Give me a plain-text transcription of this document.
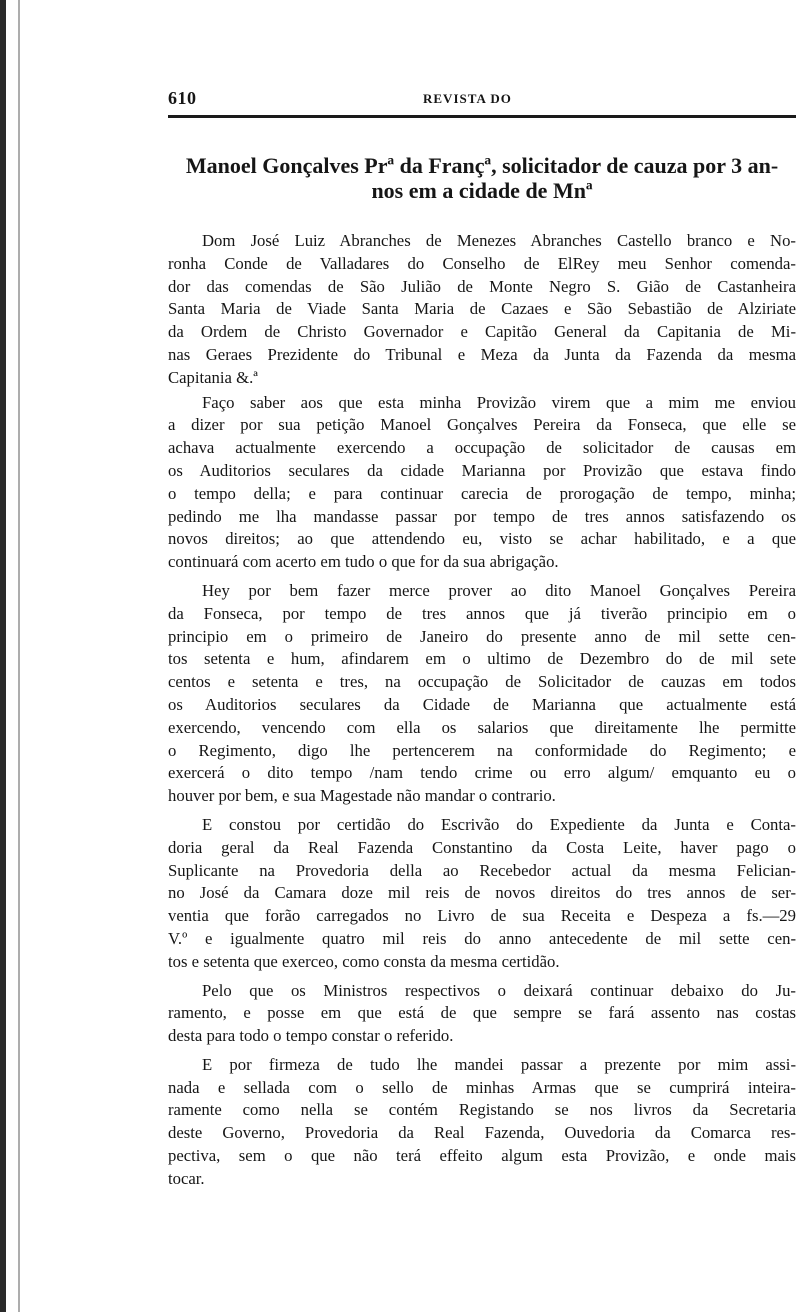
610	REVISTA DO
Manoel Gonçalves Prª da Françª, solicitador de cauza por 3 an-
nos em a cidade de Mnª
Dom José Luiz Abranches de Menezes Abranches Castello branco e No-
ronha Conde de Valladares do Conselho de ElRey meu Senhor comenda-
dor das comendas de São Julião de Monte Negro S. Gião de Castanheira
Santa Maria de Viade Santa Maria de Cazaes e São Sebastião de Alziriate
da Ordem de Christo Governador e Capitão General da Capitania de Mi-
nas Geraes Prezidente do Tribunal e Meza da Junta da Fazenda da mesma
Capitania &.ª
Faço saber aos que esta minha Provizão virem que a mim me enviou
a dizer por sua petição Manoel Gonçalves Pereira da Fonseca, que elle se
achava actualmente exercendo a occupação de solicitador de causas em
os Auditorios seculares da cidade Marianna por Provizão que estava findo
o tempo della; e para continuar carecia de prorogação de tempo, minha;
pedindo me lha mandasse passar por tempo de tres annos satisfazendo os
novos direitos; ao que attendendo eu, visto se achar habilitado, e a que
continuará com acerto em tudo o que for da sua abrigação.
Hey por bem fazer merce prover ao dito Manoel Gonçalves Pereira
da Fonseca, por tempo de tres annos que já tiverão principio em o
principio em o primeiro de Janeiro do presente anno de mil sette cen-
tos setenta e hum, afindarem em o ultimo de Dezembro do de mil sete
centos e setenta e tres, na occupação de Solicitador de cauzas em todos
os Auditorios seculares da Cidade de Marianna que actualmente está
exercendo, vencendo com ella os salarios que direitamente lhe permitte
o Regimento, digo lhe pertencerem na conformidade do Regimento; e
exercerá o dito tempo /nam tendo crime ou erro algum/ emquanto eu o
houver por bem, e sua Magestade não mandar o contrario.
E constou por certidão do Escrivão do Expediente da Junta e Conta-
doria geral da Real Fazenda Constantino da Costa Leite, haver pago o
Suplicante na Provedoria della ao Recebedor actual da mesma Felician-
no José da Camara doze mil reis de novos direitos do tres annos de ser-
ventia que forão carregados no Livro de sua Receita e Despeza a fs.—29
V.º e igualmente quatro mil reis do anno antecedente de mil sette cen-
tos e setenta que exerceo, como consta da mesma certidão.
Pelo que os Ministros respectivos o deixará continuar debaixo do Ju-
ramento, e posse em que está de que sempre se fará assento nas costas
desta para todo o tempo constar o referido.
E por firmeza de tudo lhe mandei passar a prezente por mim assi-
nada e sellada com o sello de minhas Armas que se cumprirá inteira-
ramente como nella se contém Registando se nos livros da Secretaria
deste Governo, Provedoria da Real Fazenda, Ouvedoria da Comarca res-
pectiva, sem o que não terá effeito algum esta Provizão, e onde mais
tocar.
